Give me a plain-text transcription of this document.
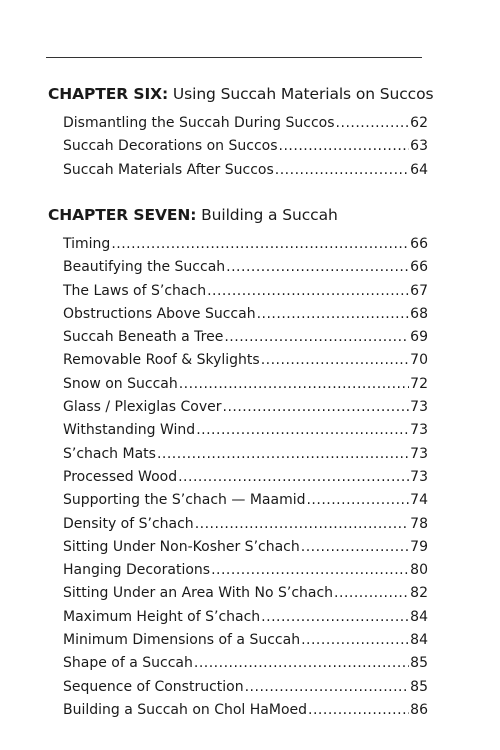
CHAPTER SIX: Using Succah Materials on Succos
Dismantling the Succah During Succos .....	62
Succah Decorations on Succos .....	63
Succah Materials After Succos .....	64
CHAPTER SEVEN: Building a Succah
Timing .....	66
Beautifying the Succah .....	66
The Laws of S’chach .....	67
Obstructions Above Succah .....	68
Succah Beneath a Tree .....	69
Removable Roof & Skylights .....	70
Snow on Succah .....	72
Glass / Plexiglas Cover .....	73
Withstanding Wind .....	73
S’chach Mats .....	73
Processed Wood .....	73
Supporting the S’chach — Maamid .....	74
Density of S’chach .....	78
Sitting Under Non-Kosher S’chach .....	79
Hanging Decorations .....	80
Sitting Under an Area With No S’chach .....	82
Maximum Height of S’chach .....	84
Minimum Dimensions of a Succah .....	84
Shape of a Succah .....	85
Sequence of Construction .....	85
Building a Succah on Chol HaMoed .....	86
